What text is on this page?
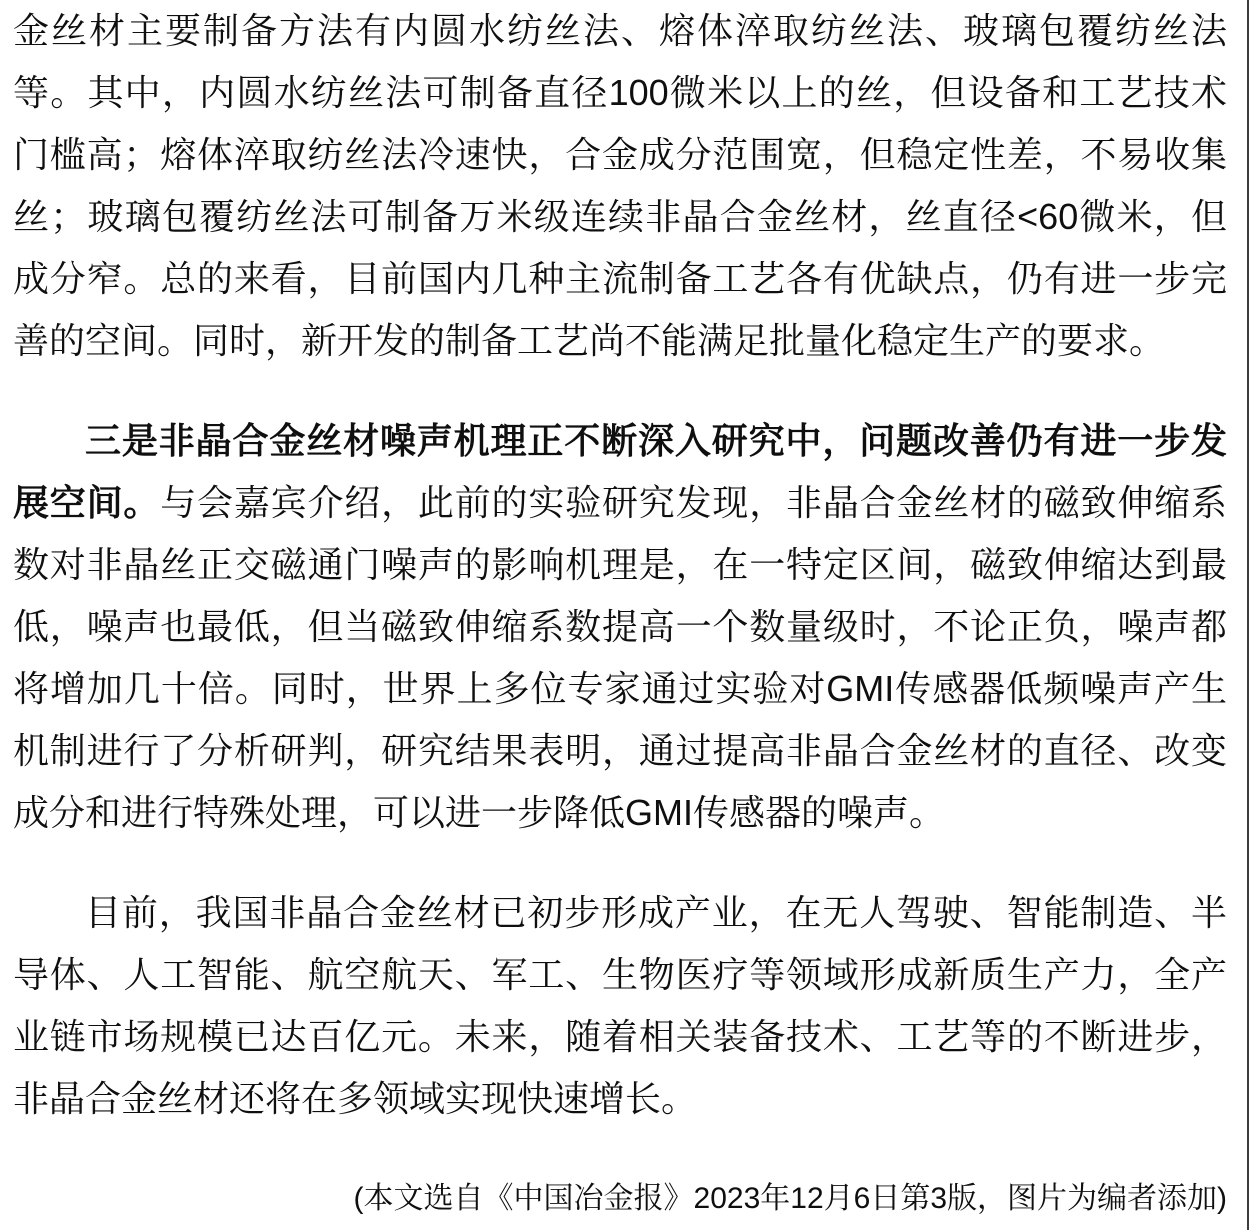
金丝材主要制备方法有内圆水纺丝法、熔体淬取纺丝法、玻璃包覆纺丝法
等。其中，内圆水纺丝法可制备直径100微米以上的丝，但设备和工艺技术
门槛高；熔体淬取纺丝法冷速快，合金成分范围宽，但稳定性差，不易收集
丝；玻璃包覆纺丝法可制备万米级连续非晶合金丝材，丝直径<60微米，但
成分窄。总的来看，目前国内几种主流制备工艺各有优缺点，仍有进一步完
善的空间。同时，新开发的制备工艺尚不能满足批量化稳定生产的要求。
三是非晶合金丝材噪声机理正不断深入研究中，问题改善仍有进一步发
展空间。与会嘉宾介绍，此前的实验研究发现，非晶合金丝材的磁致伸缩系
数对非晶丝正交磁通门噪声的影响机理是，在一特定区间，磁致伸缩达到最
低，噪声也最低，但当磁致伸缩系数提高一个数量级时，不论正负，噪声都
将增加几十倍。同时，世界上多位专家通过实验对GMI传感器低频噪声产生
机制进行了分析研判，研究结果表明，通过提高非晶合金丝材的直径、改变
成分和进行特殊处理，可以进一步降低GMI传感器的噪声。
目前，我国非晶合金丝材已初步形成产业，在无人驾驶、智能制造、半
导体、人工智能、航空航天、军工、生物医疗等领域形成新质生产力，全产
业链市场规模已达百亿元。未来，随着相关装备技术、工艺等的不断进步，
非晶合金丝材还将在多领域实现快速增长。
(本文选自《中国冶金报》2023年12月6日第3版，图片为编者添加)
